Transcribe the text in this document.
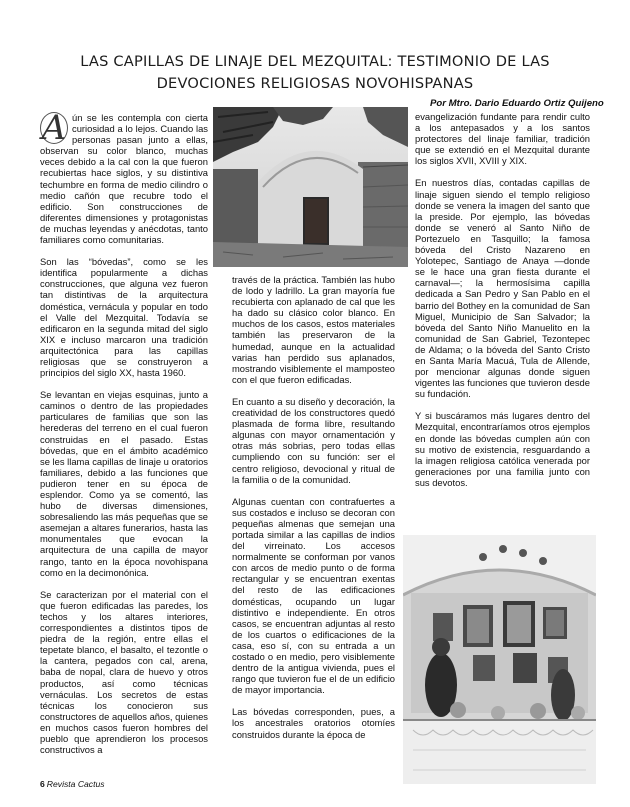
LAS CAPILLAS DE LINAJE DEL MEZQUITAL: TESTIMONIO DE LAS
DEVOCIONES RELIGIOSAS NOVOHISPANAS
Por Mtro. Dario Eduardo Ortiz Quijeno

A ún se les contempla con cierta curiosidad a lo lejos. Cuando las personas pasan junto a ellas, observan su color blanco, muchas veces debido a la cal con la que fueron recubiertas hace siglos, y su distintiva techumbre en forma de medio cilindro o medio cañón que recubre todo el edificio. Son construcciones de diferentes dimensiones y protagonistas de muchas leyendas y anécdotas, tanto familiares como comunitarias.

Son las “bóvedas”, como se les identifica popularmente a dichas construcciones, que alguna vez fueron tan distintivas de la arquitectura doméstica, vernácula y popular en todo el Valle del Mezquital. Todavía se edificaron en la segunda mitad del siglo XIX e incluso marcaron una tradición arquitectónica para las capillas religiosas que se construyeron a principios del siglo XX, hasta 1960.

Se levantan en viejas esquinas, junto a caminos o dentro de las propiedades particulares de familias que son las herederas del terreno en el cual fueron construidas en el pasado. Estas bóvedas, que en el ámbito académico se les llama capillas de linaje u oratorios familiares, debido a las funciones que pudieron tener en su época de esplendor. Como ya se comentó, las hubo de diversas dimensiones, sobresaliendo las más pequeñas que se asemejan a altares funerarios, hasta las monumentales que evocan la arquitectura de una capilla de mayor rango, tanto en la época novohispana como en la decimonónica.

Se caracterizan por el material con el que fueron edificadas las paredes, los techos y los altares interiores, correspondientes a distintos tipos de piedra de la región, entre ellas el tepetate blanco, el basalto, el tezontle o la cantera, pegados con cal, arena, baba de nopal, clara de huevo y otros productos, así como técnicas vernáculas. Los secretos de estas técnicas los conocieron sus constructores de aquellos años, quienes en muchos casos fueron hombres del pueblo que aprendieron los procesos constructivos a

través de la práctica. También las hubo de lodo y ladrillo. La gran mayoría fue recubierta con aplanado de cal que les ha dado su clásico color blanco. En muchos de los casos, estos materiales también las preservaron de la humedad, aunque en la actualidad varias han perdido sus aplanados, mostrando visiblemente el mamposteo con el que fueron edificadas.

En cuanto a su diseño y decoración, la creatividad de los constructores quedó plasmada de forma libre, resultando algunas con mayor ornamentación y otras más sobrias, pero todas ellas cumpliendo con su función: ser el centro religioso, devocional y ritual de la familia o de la comunidad.

Algunas cuentan con contrafuertes a sus costados e incluso se decoran con pequeñas almenas que semejan una portada similar a las capillas de indios del virreinato. Los accesos normalmente se conforman por vanos con arcos de medio punto o de forma rectangular y se encuentran exentas del resto de las edificaciones domésticas, ocupando un lugar distintivo e independiente. En otros casos, se encuentran adjuntas al resto de los cuartos o edificaciones de la casa, eso sí, con su entrada a un costado o en medio, pero visiblemente dentro de la antigua vivienda, pues el rango que tuvieron fue el de un edificio de mayor importancia.

Las bóvedas corresponden, pues, a los ancestrales oratorios otomíes construidos durante la época de

evangelización fundante para rendir culto a los antepasados y a los santos protectores del linaje familiar, tradición que se extendió en el Mezquital durante los siglos XVII, XVIII y XIX.

En nuestros días, contadas capillas de linaje siguen siendo el templo religioso donde se venera la imagen del santo que la preside. Por ejemplo, las bóvedas donde se veneró al Santo Niño de Portezuelo en Tasquillo; la famosa bóveda del Cristo Nazareno en Yolotepec, Santiago de Anaya —donde se le hace una gran fiesta durante el carnaval—; la hermosísima capilla dedicada a San Pedro y San Pablo en el barrio del Bothey en la comunidad de San Miguel, Municipio de San Salvador; la bóveda del Santo Niño Manuelito en la comunidad de San Gabriel, Tezontepec de Aldama; o la bóveda del Santo Cristo en Santa María Macuá, Tula de Allende, por mencionar algunas donde siguen vigentes las funciones que tuvieron desde su fundación.

Y si buscáramos más lugares dentro del Mezquital, encontraríamos otros ejemplos en donde las bóvedas cumplen aún con su motivo de existencia, resguardando a la imagen religiosa católica venerada por generaciones por una familia junto con sus devotos.

6 Revista Cactus
